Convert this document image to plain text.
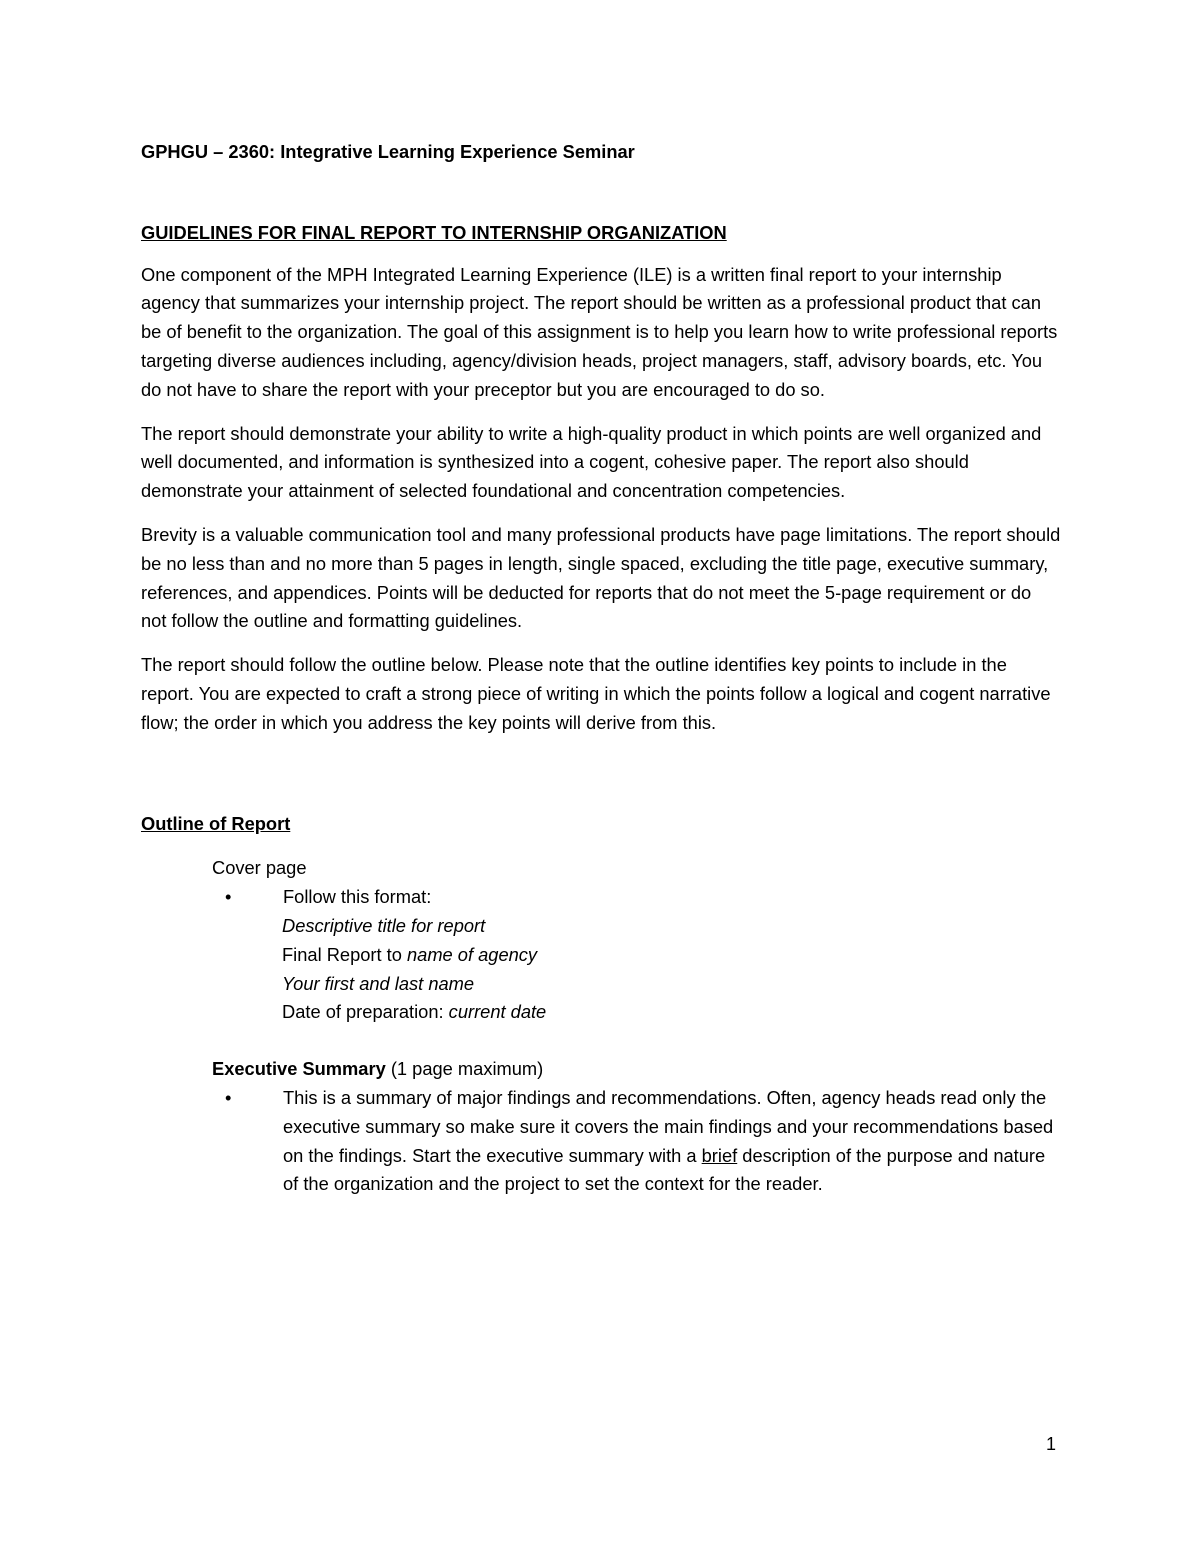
GPHGU – 2360: Integrative Learning Experience Seminar

GUIDELINES FOR FINAL REPORT TO INTERNSHIP ORGANIZATION

One component of the MPH Integrated Learning Experience (ILE) is a written final report to your internship agency that summarizes your internship project. The report should be written as a professional product that can be of benefit to the organization. The goal of this assignment is to help you learn how to write professional reports targeting diverse audiences including, agency/division heads, project managers, staff, advisory boards, etc. You do not have to share the report with your preceptor but you are encouraged to do so.

The report should demonstrate your ability to write a high-quality product in which points are well organized and well documented, and information is synthesized into a cogent, cohesive paper. The report also should demonstrate your attainment of selected foundational and concentration competencies.

Brevity is a valuable communication tool and many professional products have page limitations. The report should be no less than and no more than 5 pages in length, single spaced, excluding the title page, executive summary, references, and appendices. Points will be deducted for reports that do not meet the 5-page requirement or do not follow the outline and formatting guidelines.

The report should follow the outline below. Please note that the outline identifies key points to include in the report. You are expected to craft a strong piece of writing in which the points follow a logical and cogent narrative flow; the order in which you address the key points will derive from this.

Outline of Report

Cover page
•	Follow this format:
Descriptive title for report
Final Report to name of agency
Your first and last name
Date of preparation: current date
Executive Summary (1 page maximum)
•	This is a summary of major findings and recommendations. Often, agency heads read only the executive summary so make sure it covers the main findings and your recommendations based on the findings. Start the executive summary with a brief description of the purpose and nature of the organization and the project to set the context for the reader.
1
